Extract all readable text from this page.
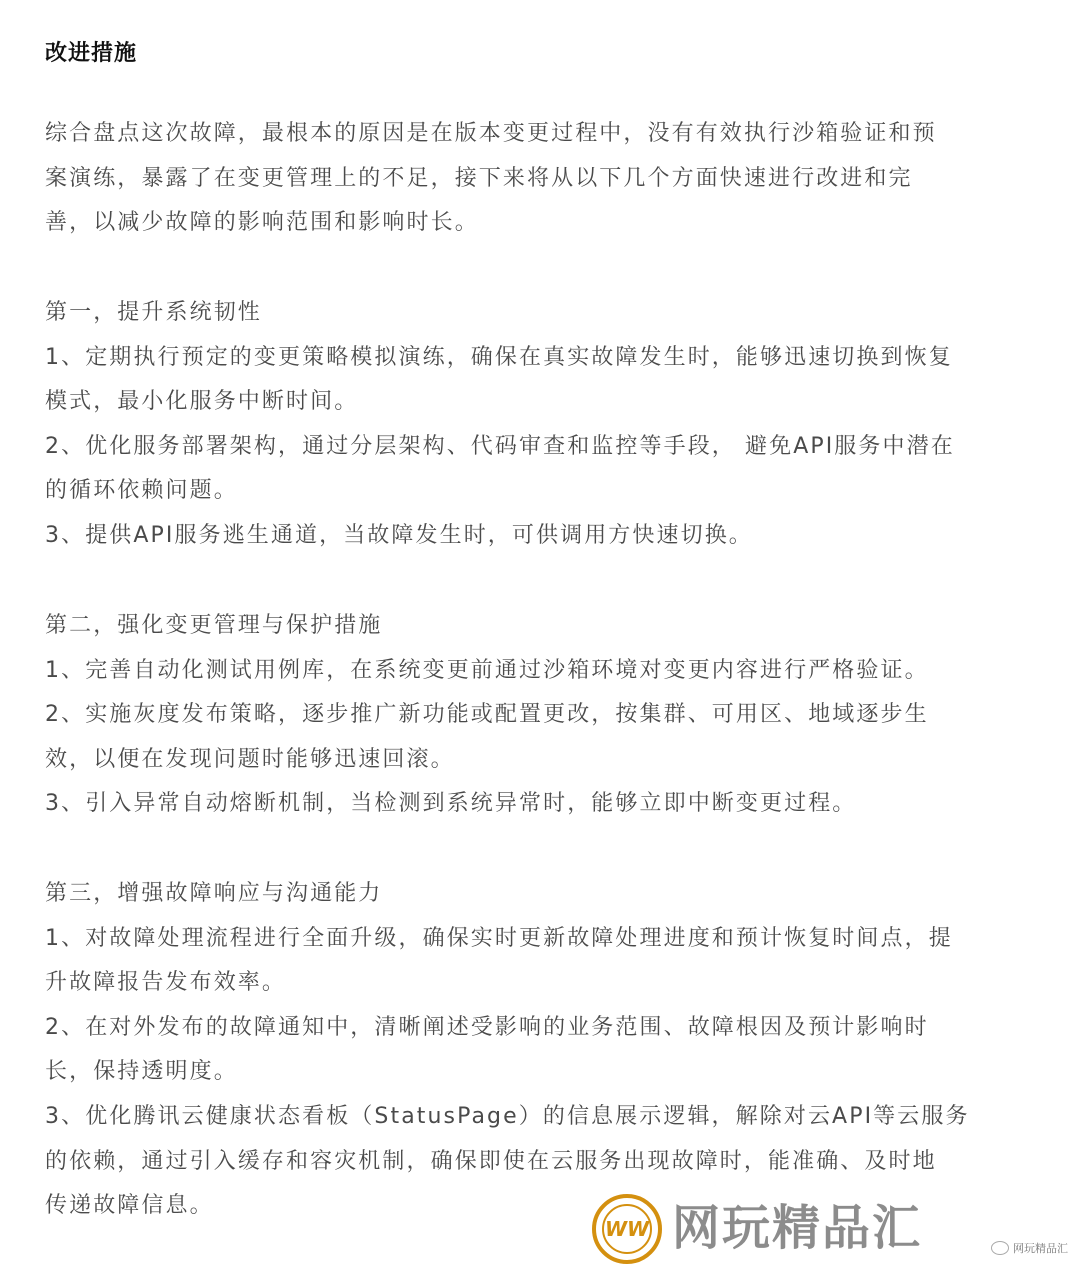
改进措施
综合盘点这次故障，最根本的原因是在版本变更过程中，没有有效执行沙箱验证和预
案演练，暴露了在变更管理上的不足，接下来将从以下几个方面快速进行改进和完
善，以减少故障的影响范围和影响时长。
第一，提升系统韧性
1、定期执行预定的变更策略模拟演练，确保在真实故障发生时，能够迅速切换到恢复
模式，最小化服务中断时间。
2、优化服务部署架构，通过分层架构、代码审查和监控等手段， 避免API服务中潜在
的循环依赖问题。
3、提供API服务逃生通道，当故障发生时，可供调用方快速切换。
第二，强化变更管理与保护措施
1、完善自动化测试用例库，在系统变更前通过沙箱环境对变更内容进行严格验证。
2、实施灰度发布策略，逐步推广新功能或配置更改，按集群、可用区、地域逐步生
效，以便在发现问题时能够迅速回滚。
3、引入异常自动熔断机制，当检测到系统异常时，能够立即中断变更过程。
第三，增强故障响应与沟通能力
1、对故障处理流程进行全面升级，确保实时更新故障处理进度和预计恢复时间点，提
升故障报告发布效率。
2、在对外发布的故障通知中，清晰阐述受影响的业务范围、故障根因及预计影响时
长，保持透明度。
3、优化腾讯云健康状态看板（StatusPage）的信息展示逻辑，解除对云API等云服务
的依赖，通过引入缓存和容灾机制，确保即使在云服务出现故障时，能准确、及时地
传递故障信息。
WW 网玩精品汇	网玩精品汇
